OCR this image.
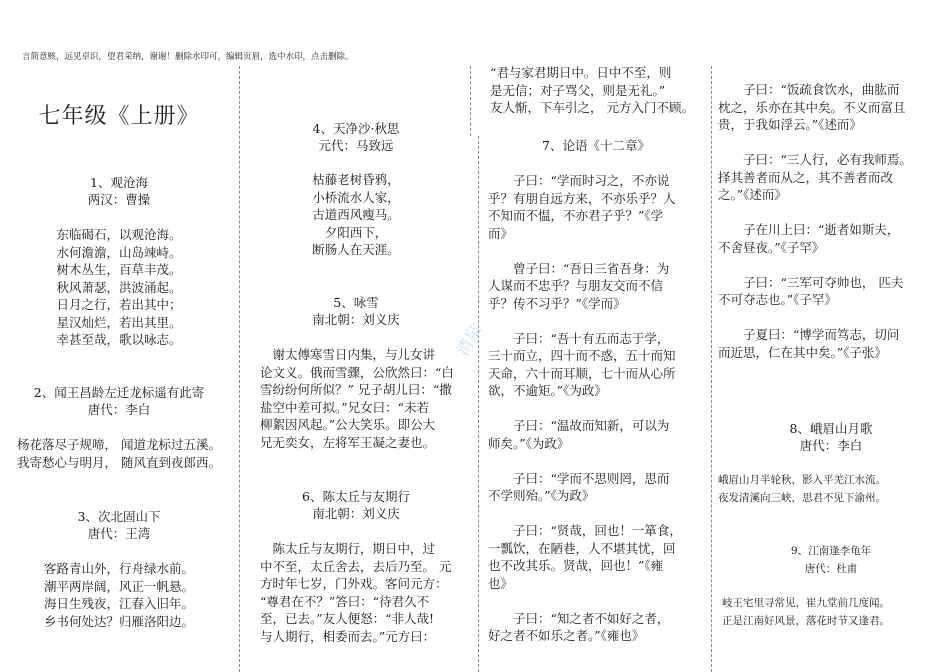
言简意赅，远见卓识，望君采纳，谢谢！删除水印可，编辑页眉，选中水印，点击删除。
清泉
七年级《上册》
1、观沧海
两汉：曹操
东临碣石，以观沧海。
水何澹澹，山岛竦峙。
树木丛生，百草丰茂。
秋风萧瑟，洪波涌起。
日月之行，若出其中；
星汉灿烂，若出其里。
幸甚至哉，歌以咏志。
2、闻王昌龄左迁龙标遥有此寄
唐代：李白
杨花落尽子规啼， 闻道龙标过五溪。
我寄愁心与明月， 随风直到夜郎西。
3、次北固山下
唐代：王湾
客路青山外，行舟绿水前。
潮平两岸阔，风正一帆悬。
海日生残夜，江春入旧年。
乡书何处达？归雁洛阳边。
4、天净沙·秋思
元代：马致远
枯藤老树昏鸦，
小桥流水人家，
古道西风瘦马。
夕阳西下，
断肠人在天涯。
5、咏雪
南北朝：刘义庆
谢太傅寒雪日内集，与儿女讲
论文义。俄而雪骤，公欣然曰：“白
雪纷纷何所似？” 兄子胡儿曰：“撒
盐空中差可拟。”兄女曰：“未若
柳絮因风起。”公大笑乐。即公大
兄无奕女，左将军王凝之妻也。
6、陈太丘与友期行
南北朝：刘义庆
陈太丘与友期行，期日中，过
中不至，太丘舍去，去后乃至。 元
方时年七岁，门外戏。客问元方：
“尊君在不？”答曰：“待君久不
至，已去。”友人便怒：“非人哉!
与人期行，相委而去。”元方曰：
“君与家君期日中。日中不至，则
是无信；对子骂父，则是无礼。”
友人惭，下车引之， 元方入门不顾。
7、论语《十二章》
子曰：“学而时习之，不亦说
乎？有朋自远方来，不亦乐乎？人
不知而不愠，不亦君子乎？”《学
而》
曾子曰：“吾日三省吾身：为
人谋而不忠乎？与朋友交而不信
乎？传不习乎？”《学而》
子曰：“吾十有五而志于学，
三十而立，四十而不惑，五十而知
天命，六十而耳顺，七十而从心所
欲，不逾矩。”《为政》
子曰：“温故而知新，可以为
师矣。”《为政》
子曰：“学而不思则罔，思而
不学则殆。”《为政》
子曰：“贤哉，回也！一箪食，
一瓢饮，在陋巷，人不堪其忧，回
也不改其乐。贤哉，回也！”《雍
也》
子曰：“知之者不如好之者，
好之者不如乐之者。”《雍也》
子曰：“饭疏食饮水，曲肱而
枕之，乐亦在其中矣。不义而富且
贵，于我如浮云。”《述而》
子曰：“三人行，必有我师焉。
择其善者而从之，其不善者而改
之。”《述而》
子在川上曰：“逝者如斯夫，
不舍昼夜。”《子罕》
子曰：“三军可夺帅也， 匹夫
不可夺志也。”《子罕》
子夏曰：“博学而笃志，切问
而近思，仁在其中矣。”《子张》
8、峨眉山月歌
唐代：李白
峨眉山月半轮秋，影入平羌江水流。
夜发清溪向三峡，思君不见下渝州。
9、江南逢李龟年
唐代：杜甫
岐王宅里寻常见，崔九堂前几度闻。
正是江南好风景，落花时节又逢君。
